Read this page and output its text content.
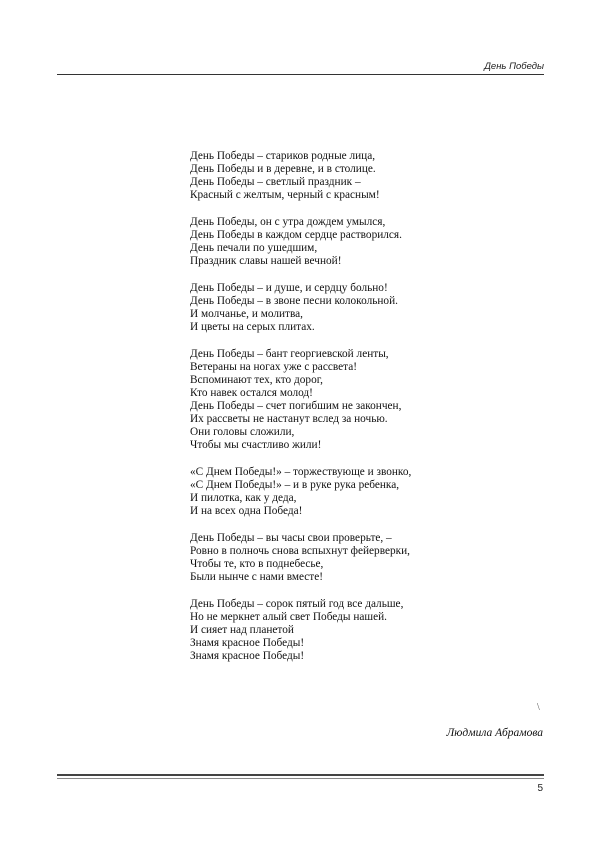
День Победы
День Победы – стариков родные лица,
День Победы и в деревне, и в столице.
День Победы – светлый праздник –
Красный с желтым, черный с красным!
День Победы, он с утра дождем умылся,
День Победы в каждом сердце растворился.
День печали по ушедшим,
Праздник славы нашей вечной!
День Победы – и душе, и сердцу больно!
День Победы – в звоне песни колокольной.
И молчанье, и молитва,
И цветы на серых плитах.
День Победы – бант георгиевской ленты,
Ветераны на ногах уже с рассвета!
Вспоминают тех, кто дорог,
Кто навек остался молод!
День Победы – счет погибшим не закончен,
Их рассветы не настанут вслед за ночью.
Они головы сложили,
Чтобы мы счастливо жили!
«С Днем Победы!» – торжествующе и звонко,
«С Днем Победы!» – и в руке рука ребенка,
И пилотка, как у деда,
И на всех одна Победа!
День Победы – вы часы свои проверьте, –
Ровно в полночь снова вспыхнут фейерверки,
Чтобы те, кто в поднебесье,
Были нынче с нами вместе!
День Победы – сорок пятый год все дальше,
Но не меркнет алый свет Победы нашей.
И сияет над планетой
Знамя красное Победы!
Знамя красное Победы!
\
Людмила Абрамова
5
